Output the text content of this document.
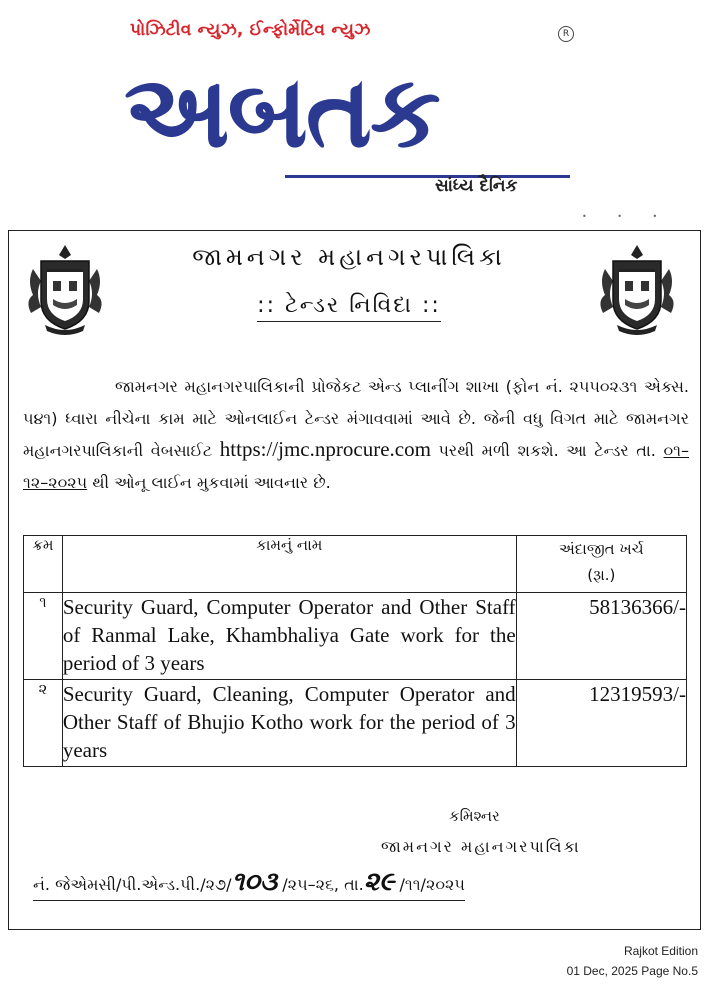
પોઝિટીવ ન્યુઝ, ઈન્ફોર્મેટિવ ન્યુઝ	R
અબતક
સાંધ્ય દૈનિક
• • •
જામનગર મહાનગરપાલિકા
:: ટેન્ડર નિવિદા ::
જામનગર મહાનગરપાલિકાની પ્રોજેકટ એન્ડ પ્લાનીંગ શાખા (ફોન નં. ૨૫૫૦૨૩૧ એક્સ. ૫૪૧) ધ્વારા નીચેના કામ માટે ઓનલાઈન ટેન્ડર મંગાવવામાં આવે છે. જેની વધુ વિગત માટે જામનગર મહાનગરપાલિકાની વેબસાઈટ https://jmc.nprocure.com પરથી મળી શકશે. આ ટેન્ડર તા. ૦૧–૧૨–૨૦૨૫ થી ઓનૂ લાઈન મુકવામાં આવનાર છે.
ક્રમ	કામનું નામ	અંદાજીત ખર્ચ
(રૂા.)

૧	Security Guard, Computer Operator and Other Staff of Ranmal Lake, Khambhaliya Gate work for the period of 3 years	58136366/-
૨	Security Guard, Cleaning, Computer Operator and Other Staff of Bhujio Kotho work for the period of 3 years	12319593/-
કમિશ્નર
જામનગર મહાનગરપાલિકા
નં. જેએમસી/પી.એન્ડ.પી./૨૭/૧૦૩ /૨૫–૨૬, તા.૨૯ /૧૧/૨૦૨૫
Rajkot Edition
01 Dec, 2025 Page No.5
